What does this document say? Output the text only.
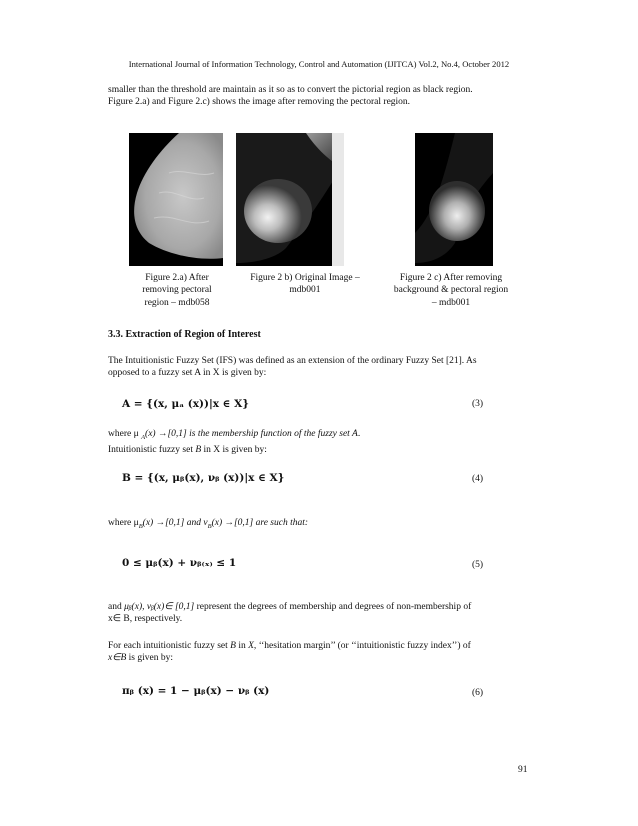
International Journal of Information Technology, Control and Automation (IJITCA) Vol.2, No.4, October 2012
smaller than the threshold are maintain as it so as to convert the pictorial region as black region.
Figure 2.a) and Figure 2.c) shows the image after removing the pectoral region.
Figure 2.a) After
removing pectoral
region – mdb058
Figure 2 b) Original Image –
mdb001
Figure 2 c) After removing
background & pectoral region
– mdb001
3.3. Extraction of Region of Interest
The Intuitionistic Fuzzy Set (IFS) was defined as an extension of the ordinary Fuzzy Set [21]. As
opposed to a fuzzy set A in X is given by:
A = {(x, μₐ (x))|x ∈ X}	(3)
where μ $_A$(x) →[0,1] is the membership function of the fuzzy set A.
Intuitionistic fuzzy set B in X is given by:
B = {(x, μᵦ(x), νᵦ (x))|x ∈ X}	(4)
where $\mu_B(x) \to[0,1]$ and $\nu_B(x) \to[0,1]$ are such that:
0 ≤ μᵦ(x) + νᵦ₍ₓ₎ ≤ 1	(5)
and μᵦ(x), νᵦ(x)∈ [0,1] represent the degrees of membership and degrees of non-membership of
x∈ B, respectively.
For each intuitionistic fuzzy set B in X, ‘‘hesitation margin’’ (or ‘‘intuitionistic fuzzy index’’) of
x∈B is given by:
πᵦ (x) = 1 − μᵦ(x) − νᵦ (x)	(6)
91
